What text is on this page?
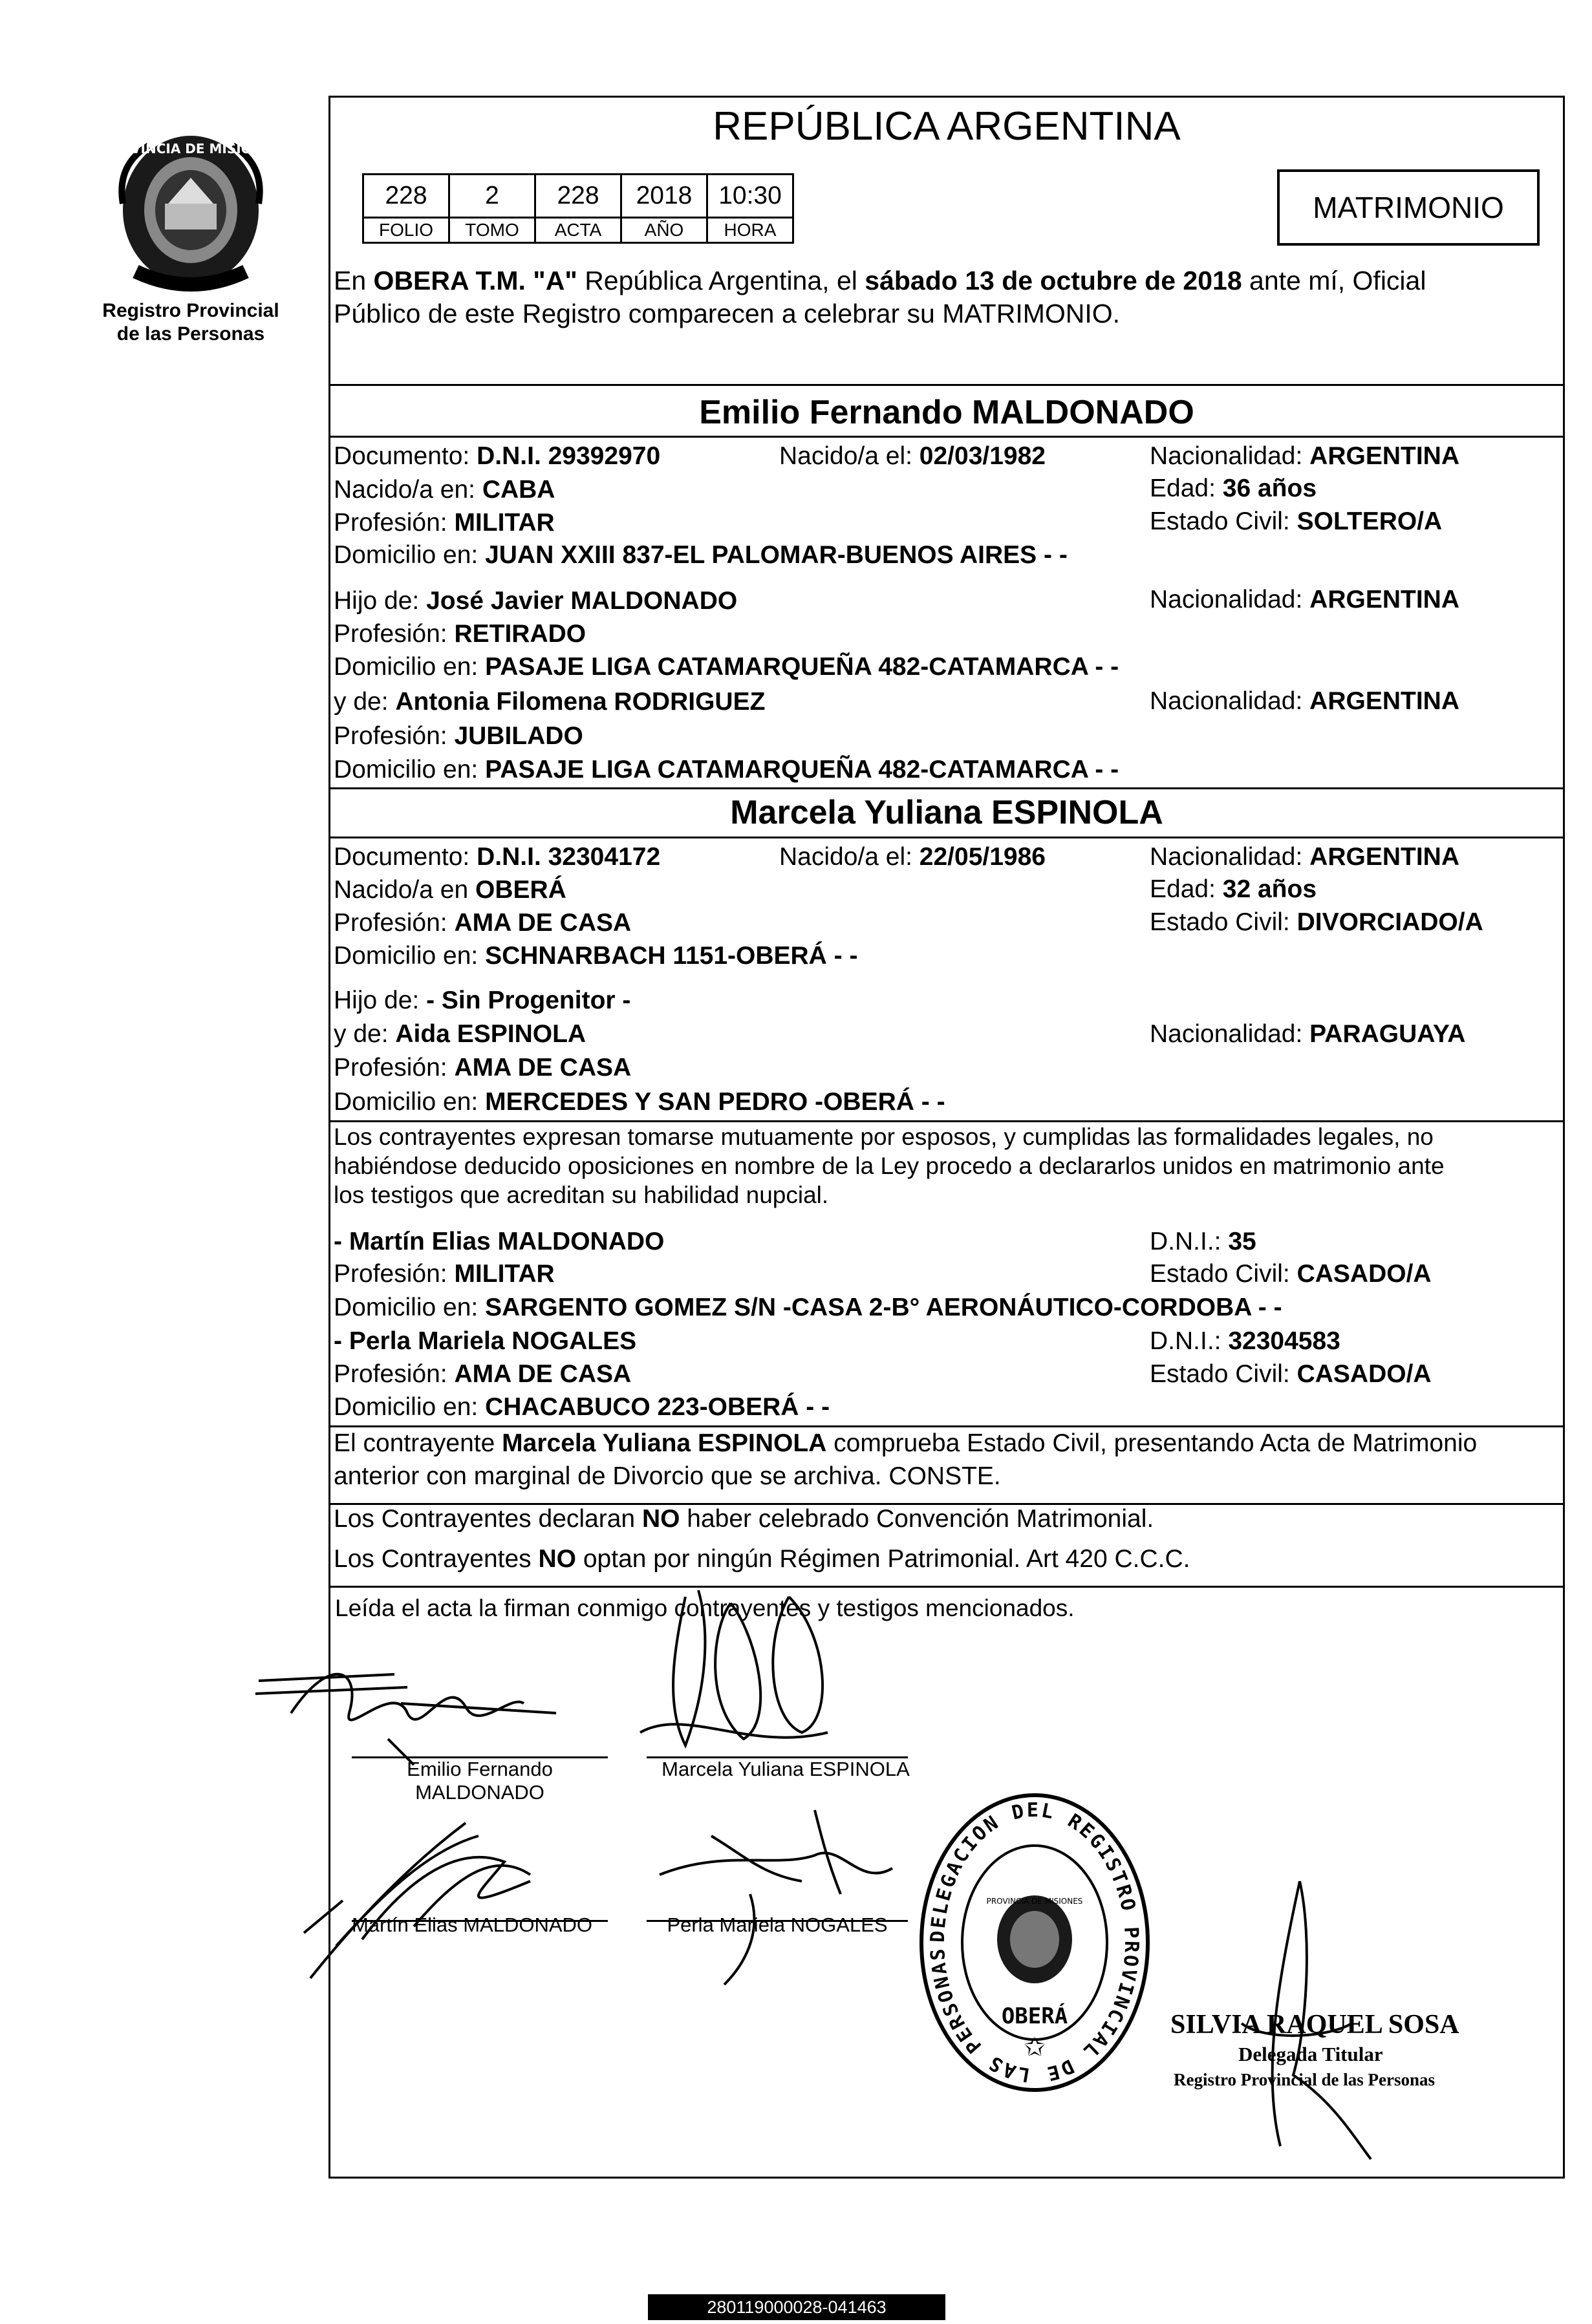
PROVINCIA DE MISIONES
Registro Provincial
de las Personas
REPÚBLICA ARGENTINA
228	2	228	2018	10:30
FOLIO	TOMO	ACTA	AÑO	HORA
MATRIMONIO
En OBERA T.M. "A" República Argentina, el sábado 13 de octubre de 2018 ante mí, Oficial
Público de este Registro comparecen a celebrar su MATRIMONIO.
Emilio Fernando MALDONADO
Documento: D.N.I. 29392970	Nacido/a el: 02/03/1982	Nacionalidad: ARGENTINA
Nacido/a en: CABA	Edad: 36 años
Profesión: MILITAR	Estado Civil: SOLTERO/A
Domicilio en: JUAN XXIII 837-EL PALOMAR-BUENOS AIRES - -
Hijo de: José Javier MALDONADO	Nacionalidad: ARGENTINA
Profesión: RETIRADO
Domicilio en: PASAJE LIGA CATAMARQUEÑA 482-CATAMARCA - -
y de: Antonia Filomena RODRIGUEZ	Nacionalidad: ARGENTINA
Profesión: JUBILADO
Domicilio en: PASAJE LIGA CATAMARQUEÑA 482-CATAMARCA - -
Marcela Yuliana ESPINOLA
Documento: D.N.I. 32304172	Nacido/a el: 22/05/1986	Nacionalidad: ARGENTINA
Nacido/a en OBERÁ	Edad: 32 años
Profesión: AMA DE CASA	Estado Civil: DIVORCIADO/A
Domicilio en: SCHNARBACH 1151-OBERÁ - -
Hijo de: - Sin Progenitor -
y de: Aida ESPINOLA	Nacionalidad: PARAGUAYA
Profesión: AMA DE CASA
Domicilio en: MERCEDES Y SAN PEDRO -OBERÁ - -
Los contrayentes expresan tomarse mutuamente por esposos, y cumplidas las formalidades legales, no
habiéndose deducido oposiciones en nombre de la Ley procedo a declararlos unidos en matrimonio ante
los testigos que acreditan su habilidad nupcial.
- Martín Elias MALDONADO	D.N.I.: 35
Profesión: MILITAR	Estado Civil: CASADO/A
Domicilio en: SARGENTO GOMEZ S/N -CASA 2-B° AERONÁUTICO-CORDOBA - -
- Perla Mariela NOGALES	D.N.I.: 32304583
Profesión: AMA DE CASA	Estado Civil: CASADO/A
Domicilio en: CHACABUCO 223-OBERÁ - -
El contrayente Marcela Yuliana ESPINOLA comprueba Estado Civil, presentando Acta de Matrimonio
anterior con marginal de Divorcio que se archiva. CONSTE.
Los Contrayentes declaran NO haber celebrado Convención Matrimonial.
Los Contrayentes NO optan por ningún Régimen Patrimonial. Art 420 C.C.C.
Leída el acta la firman conmigo contrayentes y testigos mencionados.
Emilio Fernando
MALDONADO
Marcela Yuliana ESPINOLA
Martín Elias MALDONADO	Perla Mariela NOGALES	DELEGACION DEL REGISTRO PROVINCIAL DE LAS PERSONAS
PROVINCIA DE MISIONES
OBERÁ
✩
SILVIA RAQUEL SOSA
Delegada Titular
Registro Provincial de las Personas
280119000028-041463
